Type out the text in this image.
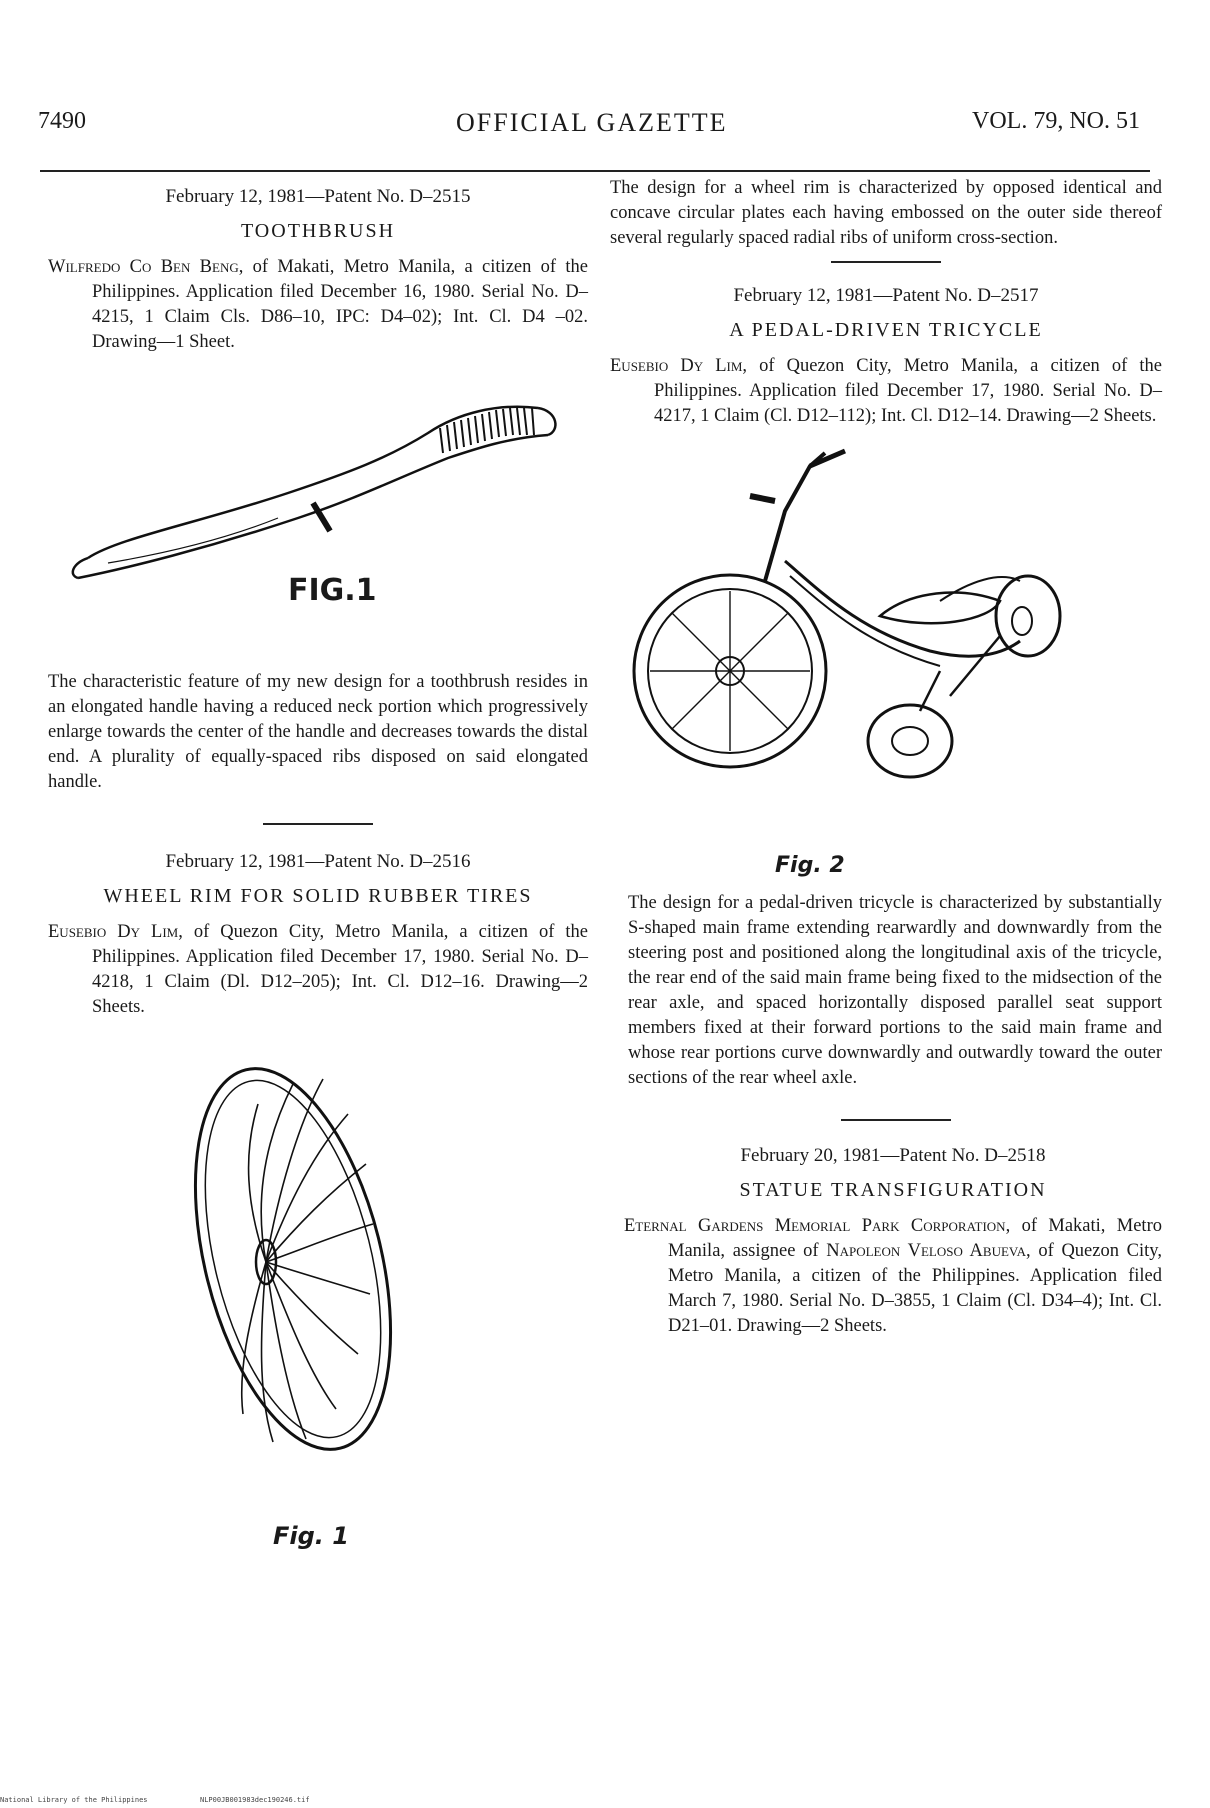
7490	OFFICIAL GAZETTE	VOL. 79, NO. 51

February 12, 1981—Patent No. D–2515

TOOTHBRUSH

Wilfredo Co Ben Beng, of Makati, Metro Manila, a citizen of the Philippines. Application filed December 16, 1980. Serial No. D–4215, 1 Claim Cls. D86–10, IPC: D4–02); Int. Cl. D4 –02. Drawing—1 Sheet.

FIG.1

The characteristic feature of my new design for a toothbrush resides in an elongated handle having a reduced neck portion which progressively enlarge towards the center of the handle and decreases towards the distal end. A plurality of equally-spaced ribs disposed on said elongated handle.

February 12, 1981—Patent No. D–2516

WHEEL RIM FOR SOLID RUBBER TIRES

Eusebio Dy Lim, of Quezon City, Metro Manila, a citizen of the Philippines. Application filed December 17, 1980. Serial No. D–4218, 1 Claim (Dl. D12–205); Int. Cl. D12–16. Drawing—2 Sheets.

Fig. 1

The design for a wheel rim is characterized by opposed identical and concave circular plates each having embossed on the outer side thereof several regularly spaced radial ribs of uniform cross-section.

February 12, 1981—Patent No. D–2517

A PEDAL-DRIVEN TRICYCLE

Eusebio Dy Lim, of Quezon City, Metro Manila, a citizen of the Philippines. Application filed December 17, 1980. Serial No. D–4217, 1 Claim (Cl. D12–112); Int. Cl. D12–14. Drawing—2 Sheets.

Fig. 2

The design for a pedal-driven tricycle is characterized by substantially S-shaped main frame extending rearwardly and downwardly from the steering post and positioned along the longitudinal axis of the tricycle, the rear end of the said main frame being fixed to the midsection of the rear axle, and spaced horizontally disposed parallel seat support members fixed at their forward portions to the said main frame and whose rear portions curve downwardly and outwardly toward the outer sections of the rear wheel axle.

February 20, 1981—Patent No. D–2518

STATUE TRANSFIGURATION

Eternal Gardens Memorial Park Corporation, of Makati, Metro Manila, assignee of Napoleon Veloso Abueva, of Quezon City, Metro Manila, a citizen of the Philippines. Application filed March 7, 1980. Serial No. D–3855, 1 Claim (Cl. D34–4); Int. Cl. D21–01. Drawing—2 Sheets.

National Library of the Philippines	NLP00JB001983dec190246.tif
